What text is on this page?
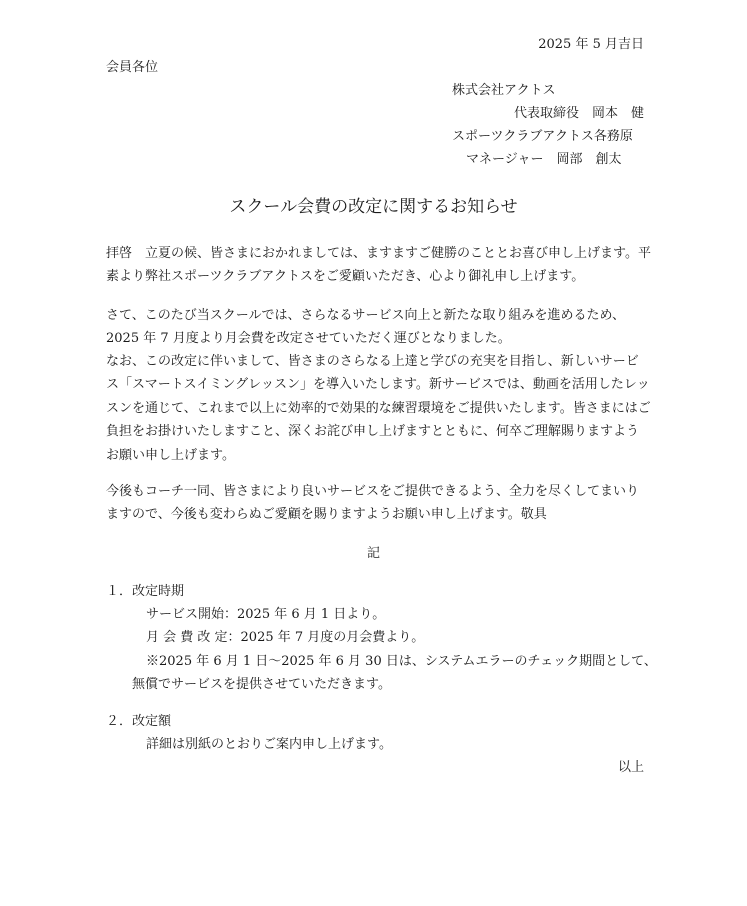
2025 年 5 月吉日
会員各位
株式会社アクトス
代表取締役　岡本　健
スポーツクラブアクトス各務原
マネージャー　岡部　創太
スクール会費の改定に関するお知らせ
拝啓　立夏の候、皆さまにおかれましては、ますますご健勝のこととお喜び申し上げます。平素より弊社スポーツクラブアクトスをご愛顧いただき、心より御礼申し上げます。
さて、このたび当スクールでは、さらなるサービス向上と新たな取り組みを進めるため、2025 年 7 月度より月会費を改定させていただく運びとなりました。
なお、この改定に伴いまして、皆さまのさらなる上達と学びの充実を目指し、新しいサービス「スマートスイミングレッスン」を導入いたします。新サービスでは、動画を活用したレッスンを通じて、これまで以上に効率的で効果的な練習環境をご提供いたします。皆さまにはご負担をお掛けいたしますこと、深くお詫び申し上げますとともに、何卒ご理解賜りますようお願い申し上げます。
今後もコーチ一同、皆さまにより良いサービスをご提供できるよう、全力を尽くしてまいりますので、今後も変わらぬご愛顧を賜りますようお願い申し上げます。敬具
記
１．改定時期
サービス開始：2025 年 6 月 1 日より。
月 会 費 改 定：2025 年 7 月度の月会費より。
※2025 年 6 月 1 日～2025 年 6 月 30 日は、システムエラーのチェック期間として、
無償でサービスを提供させていただきます。
２．改定額
詳細は別紙のとおりご案内申し上げます。
以上
